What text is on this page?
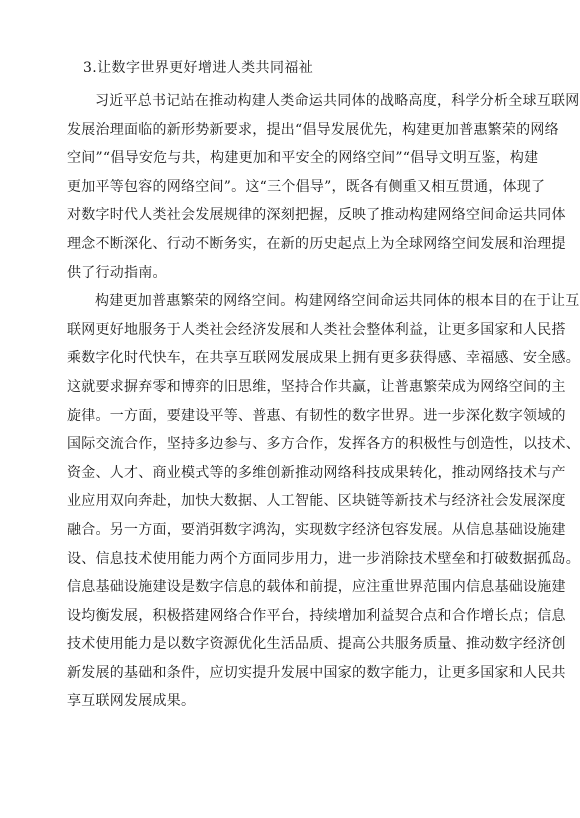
3.让数字世界更好增进人类共同福祉

习近平总书记站在推动构建人类命运共同体的战略高度，科学分析全球互联网
发展治理面临的新形势新要求，提出“倡导发展优先，构建更加普惠繁荣的网络
空间”“倡导安危与共，构建更加和平安全的网络空间”“倡导文明互鉴，构建
更加平等包容的网络空间”。这“三个倡导”，既各有侧重又相互贯通，体现了
对数字时代人类社会发展规律的深刻把握，反映了推动构建网络空间命运共同体
理念不断深化、行动不断务实，在新的历史起点上为全球网络空间发展和治理提
供了行动指南。

构建更加普惠繁荣的网络空间。构建网络空间命运共同体的根本目的在于让互
联网更好地服务于人类社会经济发展和人类社会整体利益，让更多国家和人民搭
乘数字化时代快车，在共享互联网发展成果上拥有更多获得感、幸福感、安全感。
这就要求摒弃零和博弈的旧思维，坚持合作共赢，让普惠繁荣成为网络空间的主
旋律。一方面，要建设平等、普惠、有韧性的数字世界。进一步深化数字领域的
国际交流合作，坚持多边参与、多方合作，发挥各方的积极性与创造性，以技术、
资金、人才、商业模式等的多维创新推动网络科技成果转化，推动网络技术与产
业应用双向奔赴，加快大数据、人工智能、区块链等新技术与经济社会发展深度
融合。另一方面，要消弭数字鸿沟，实现数字经济包容发展。从信息基础设施建
设、信息技术使用能力两个方面同步用力，进一步消除技术壁垒和打破数据孤岛。
信息基础设施建设是数字信息的载体和前提，应注重世界范围内信息基础设施建
设均衡发展，积极搭建网络合作平台，持续增加利益契合点和合作增长点；信息
技术使用能力是以数字资源优化生活品质、提高公共服务质量、推动数字经济创
新发展的基础和条件，应切实提升发展中国家的数字能力，让更多国家和人民共
享互联网发展成果。
